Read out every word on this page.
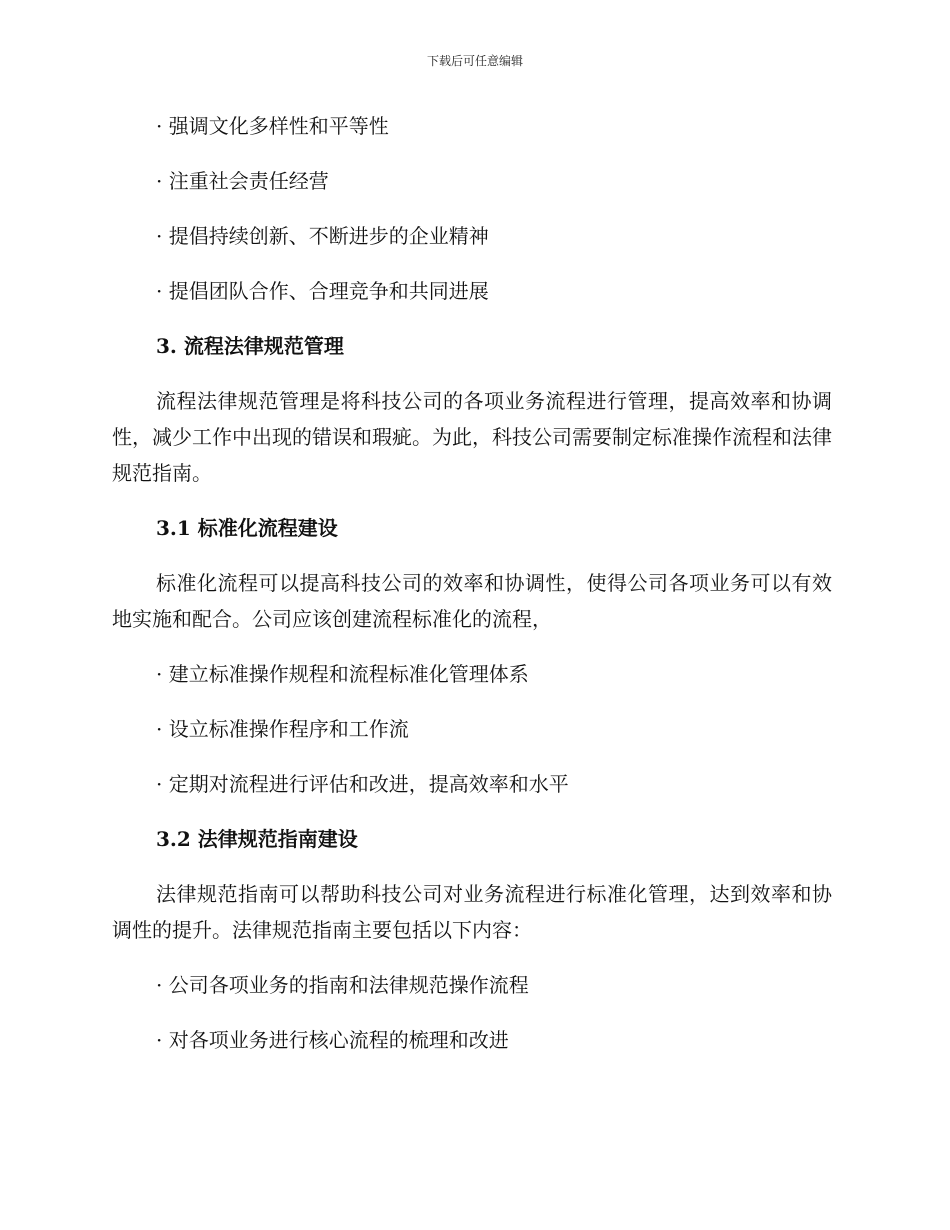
下载后可任意编辑
· 强调文化多样性和平等性
· 注重社会责任经营
· 提倡持续创新、不断进步的企业精神
· 提倡团队合作、合理竞争和共同进展
3. 流程法律规范管理
流程法律规范管理是将科技公司的各项业务流程进行管理，提高效率和协调性，减少工作中出现的错误和瑕疵。为此，科技公司需要制定标准操作流程和法律规范指南。
3.1 标准化流程建设
标准化流程可以提高科技公司的效率和协调性，使得公司各项业务可以有效地实施和配合。公司应该创建流程标准化的流程，
· 建立标准操作规程和流程标准化管理体系
· 设立标准操作程序和工作流
· 定期对流程进行评估和改进，提高效率和水平
3.2 法律规范指南建设
法律规范指南可以帮助科技公司对业务流程进行标准化管理，达到效率和协调性的提升。法律规范指南主要包括以下内容：
· 公司各项业务的指南和法律规范操作流程
· 对各项业务进行核心流程的梳理和改进
